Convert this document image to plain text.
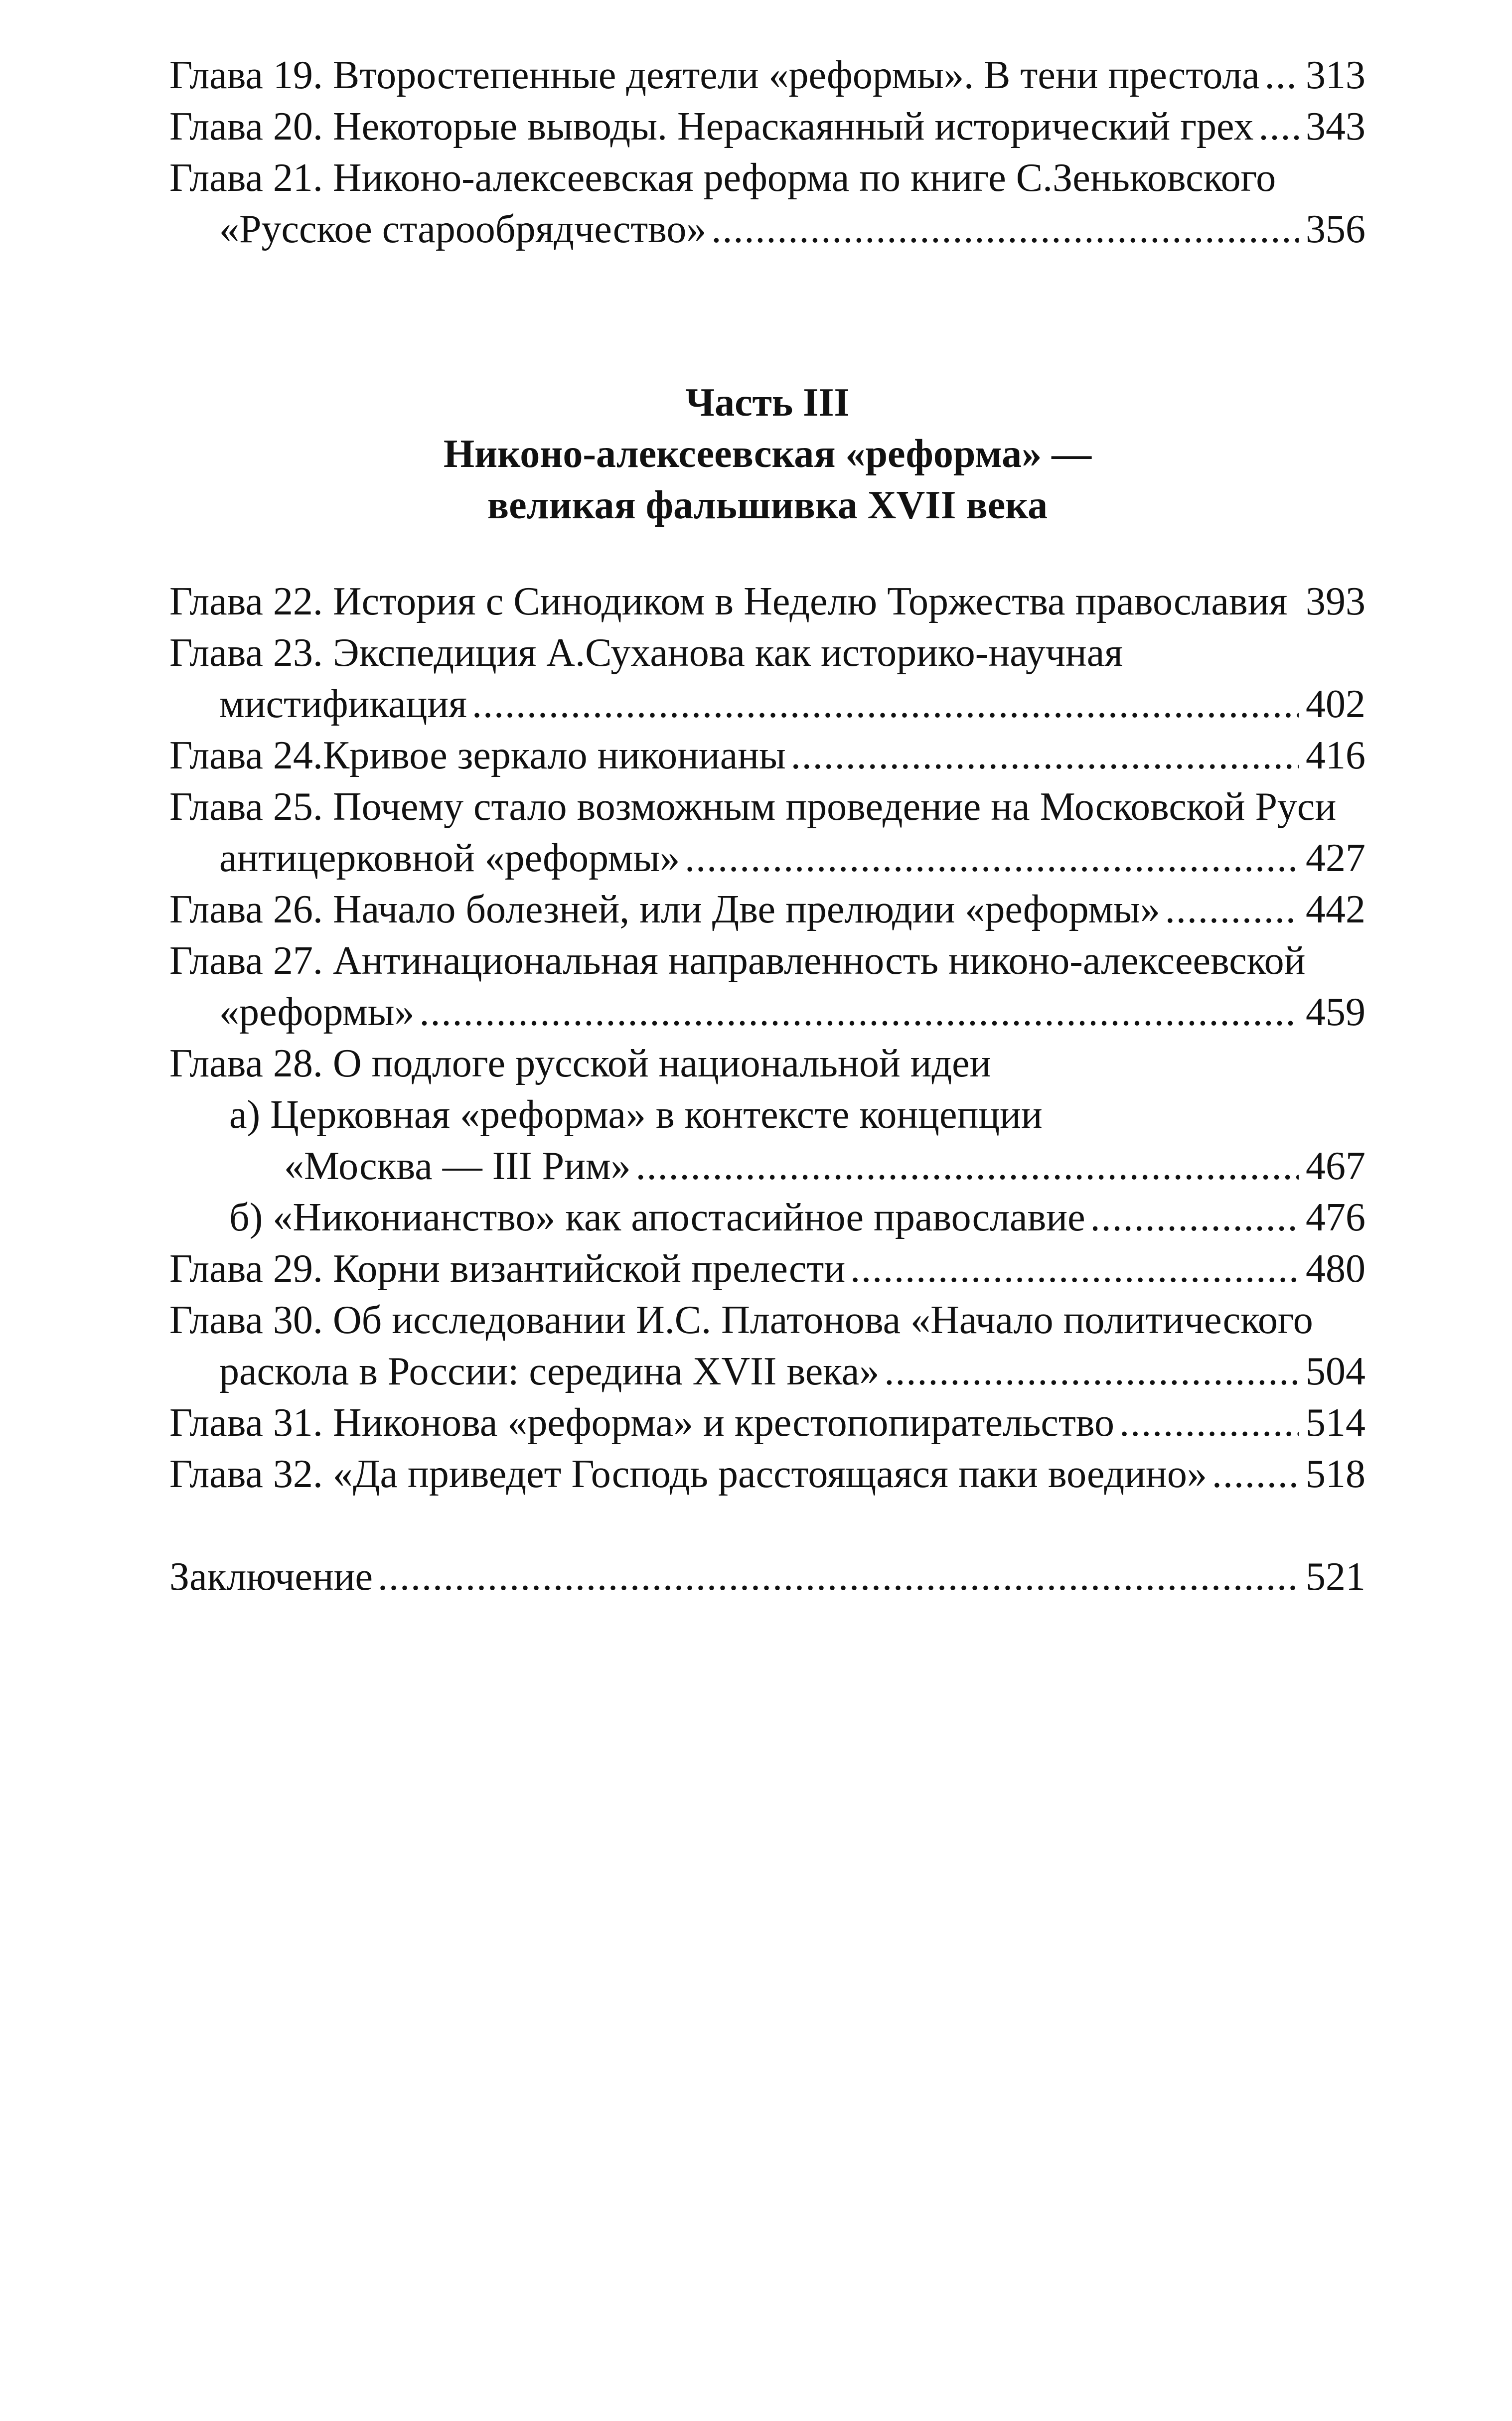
Глава 19. Второстепенные деятели «реформы». В тени престола ..... 313
Глава 20. Некоторые выводы. Нераскаянный исторический грех ..... 343
Глава 21. Никоно-алексеевская реформа по книге С.Зеньковского
«Русское старообрядчество» .....	356
Часть III
Никоно-алексеевская «реформа» —
великая фальшивка XVII века
Глава 22. История с Синодиком в Неделю Торжества православия 393
Глава 23. Экспедиция А.Суханова как историко-научная
мистификация .....	402
Глава 24.Кривое зеркало никонианы .....	416
Глава 25. Почему стало возможным проведение на Московской Руси
антицерковной «реформы» .....	427
Глава 26. Начало болезней, или Две прелюдии «реформы» .....	442
Глава 27. Антинациональная направленность никоно-алексеевской
«реформы» .....	459
Глава 28. О подлоге русской национальной идеи
а) Церковная «реформа» в контексте концепции
«Москва — III Рим» .....	467
б) «Никонианство» как апостасийное православие .....	476
Глава 29. Корни византийской прелести .....	480
Глава 30. Об исследовании И.С. Платонова «Начало политического
раскола в России: середина XVII века» .....	504
Глава 31. Никонова «реформа» и крестопопирательство .....	514
Глава 32. «Да приведет Господь расстоящаяся паки воедино» ..... 518
Заключение .....	521
